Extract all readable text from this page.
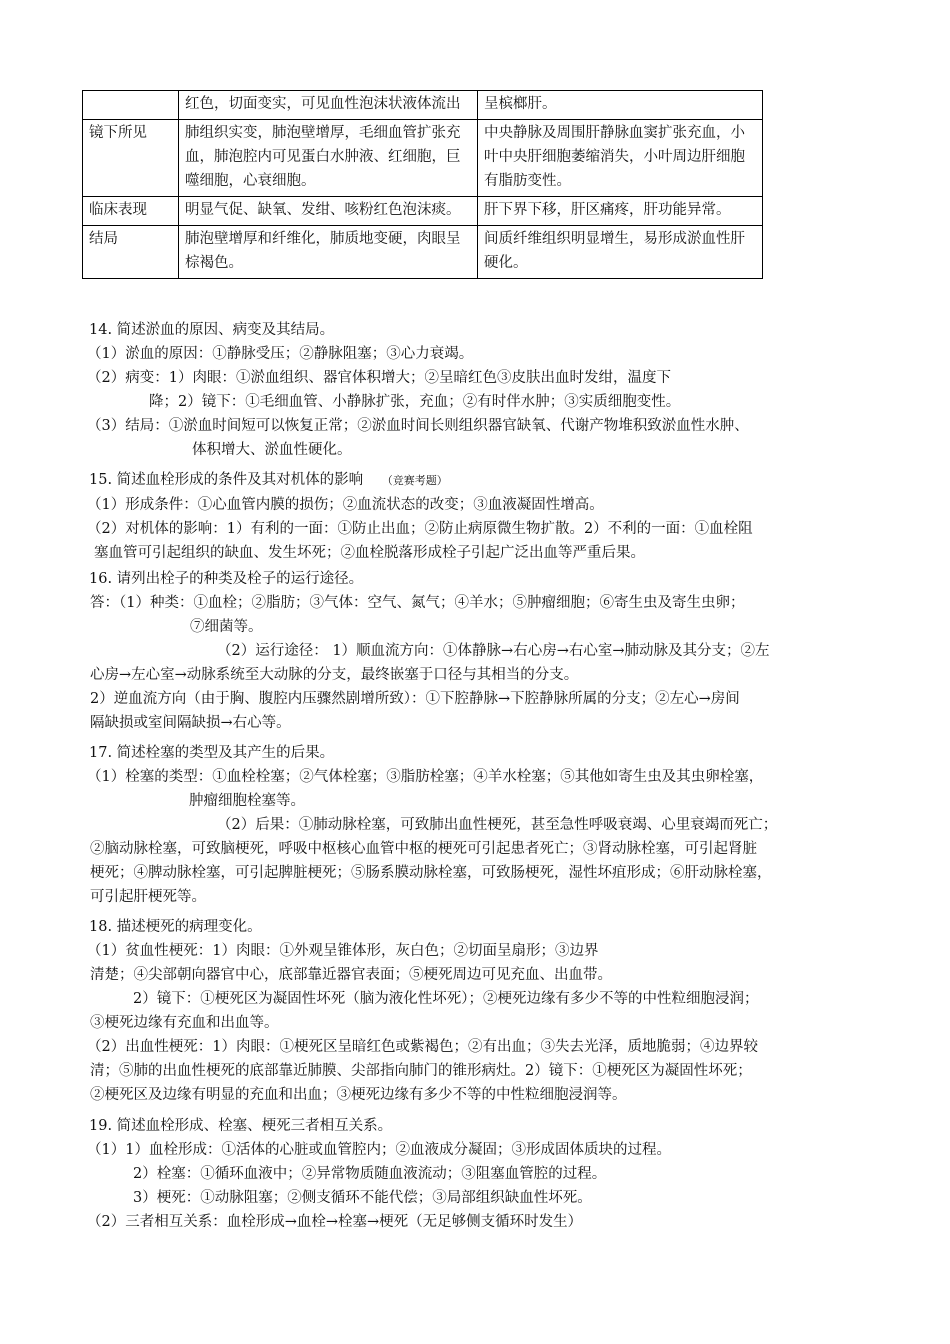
	红色，切面变实，可见血性泡沫状液体流出	呈槟榔肝。
镜下所见	肺组织实变，肺泡壁增厚，毛细血管扩张充血，肺泡腔内可见蛋白水肿液、红细胞，巨噬细胞，心衰细胞。	中央静脉及周围肝静脉血窦扩张充血，小叶中央肝细胞萎缩消失，小叶周边肝细胞有脂肪变性。
临床表现	明显气促、缺氧、发绀、咳粉红色泡沫痰。	肝下界下移，肝区痛疼，肝功能异常。
结局	肺泡壁增厚和纤维化，肺质地变硬，肉眼呈棕褐色。	间质纤维组织明显增生，易形成淤血性肝硬化。
14. 简述淤血的原因、病变及其结局。
（1）淤血的原因：①静脉受压；②静脉阻塞；③心力衰竭。
（2）病变：1）肉眼：①淤血组织、器官体积增大；②呈暗红色③皮肤出血时发绀，温度下
降；2）镜下：①毛细血管、小静脉扩张，充血；②有时伴水肿；③实质细胞变性。
（3）结局：①淤血时间短可以恢复正常；②淤血时间长则组织器官缺氧、代谢产物堆积致淤血性水肿、
体积增大、淤血性硬化。
15. 简述血栓形成的条件及其对机体的影响 （竞赛考题）
（1）形成条件：①心血管内膜的损伤；②血流状态的改变；③血液凝固性增高。
（2）对机体的影响：1）有利的一面：①防止出血；②防止病原微生物扩散。2）不利的一面：①血栓阻
塞血管可引起组织的缺血、发生坏死；②血栓脱落形成栓子引起广泛出血等严重后果。
16. 请列出栓子的种类及栓子的运行途径。
答：（1）种类：①血栓；②脂肪；③气体：空气、氮气；④羊水；⑤肿瘤细胞；⑥寄生虫及寄生虫卵；
⑦细菌等。
（2）运行途径： 1）顺血流方向：①体静脉→右心房→右心室→肺动脉及其分支；②左
心房→左心室→动脉系统至大动脉的分支，最终嵌塞于口径与其相当的分支。
2）逆血流方向（由于胸、腹腔内压骤然剧增所致）：①下腔静脉→下腔静脉所属的分支；②左心→房间
隔缺损或室间隔缺损→右心等。
17. 简述栓塞的类型及其产生的后果。
（1）栓塞的类型：①血栓栓塞；②气体栓塞；③脂肪栓塞；④羊水栓塞；⑤其他如寄生虫及其虫卵栓塞，
肿瘤细胞栓塞等。
（2）后果：①肺动脉栓塞，可致肺出血性梗死，甚至急性呼吸衰竭、心里衰竭而死亡；
②脑动脉栓塞，可致脑梗死，呼吸中枢核心血管中枢的梗死可引起患者死亡；③肾动脉栓塞，可引起肾脏
梗死；④脾动脉栓塞，可引起脾脏梗死；⑤肠系膜动脉栓塞，可致肠梗死，湿性坏疽形成；⑥肝动脉栓塞，
可引起肝梗死等。
18. 描述梗死的病理变化。
（1）贫血性梗死：1）肉眼：①外观呈锥体形，灰白色；②切面呈扇形；③边界
清楚；④尖部朝向器官中心，底部靠近器官表面；⑤梗死周边可见充血、出血带。
2）镜下：①梗死区为凝固性坏死（脑为液化性坏死）；②梗死边缘有多少不等的中性粒细胞浸润；
③梗死边缘有充血和出血等。
（2）出血性梗死：1）肉眼：①梗死区呈暗红色或紫褐色；②有出血；③失去光泽，质地脆弱；④边界较
清；⑤肺的出血性梗死的底部靠近肺膜、尖部指向肺门的锥形病灶。2）镜下：①梗死区为凝固性坏死；
②梗死区及边缘有明显的充血和出血；③梗死边缘有多少不等的中性粒细胞浸润等。
19. 简述血栓形成、栓塞、梗死三者相互关系。
（1）1）血栓形成：①活体的心脏或血管腔内；②血液成分凝固；③形成固体质块的过程。
2）栓塞：①循环血液中；②异常物质随血液流动；③阻塞血管腔的过程。
3）梗死：①动脉阻塞；②侧支循环不能代偿；③局部组织缺血性坏死。
（2）三者相互关系：血栓形成→血栓→栓塞→梗死（无足够侧支循环时发生）
